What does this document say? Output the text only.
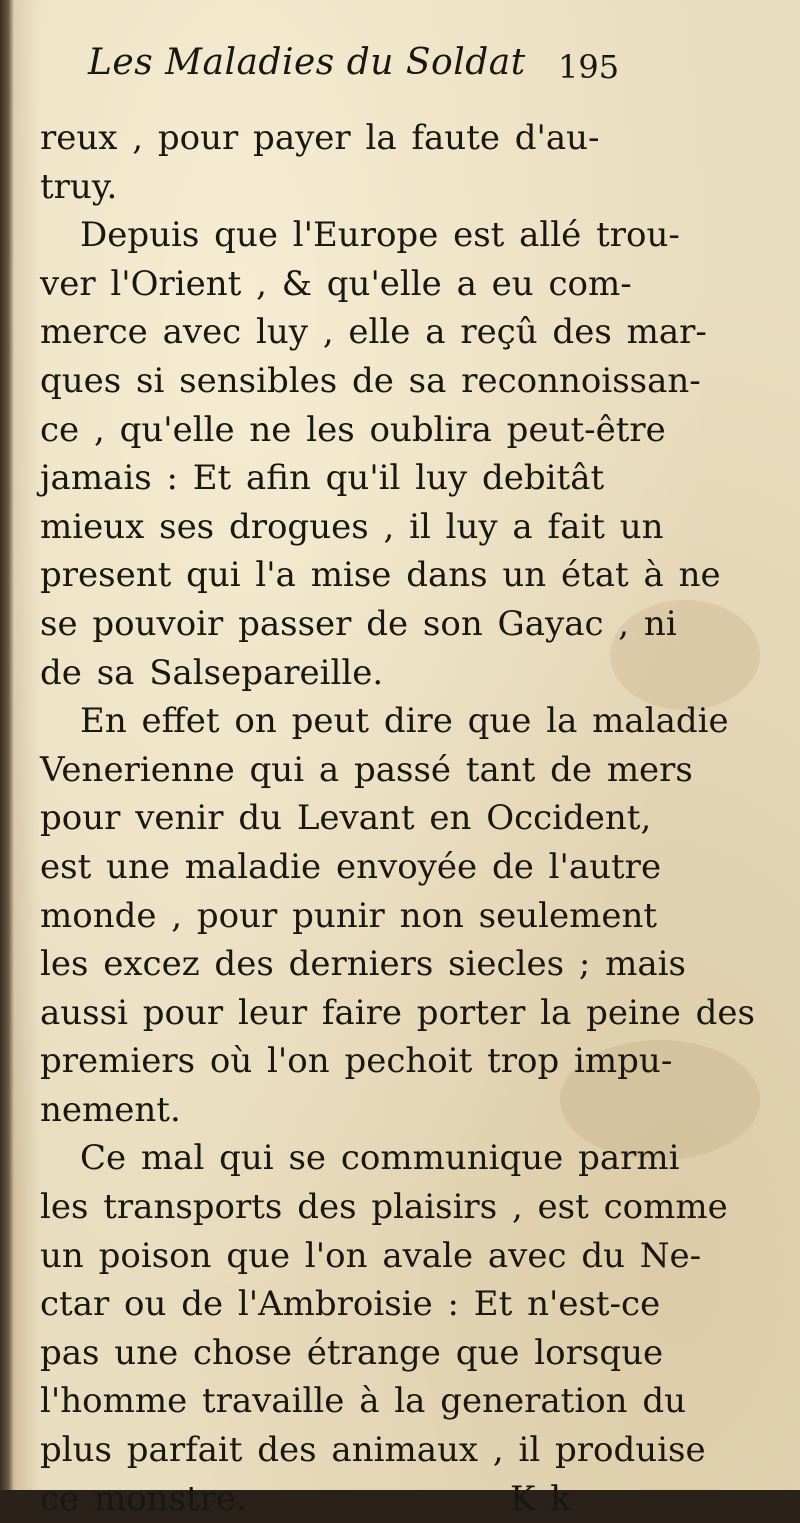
Les Maladies du Soldat 195
reux , pour payer la faute d'au-
truy.
Depuis que l'Europe est allé trou-
ver l'Orient , & qu'elle a eu com-
merce avec luy , elle a reçû des mar-
ques si sensibles de sa reconnoissan-
ce , qu'elle ne les oublira peut-être
jamais : Et afin qu'il luy debitât
mieux ses drogues , il luy a fait un
present qui l'a mise dans un état à ne
se pouvoir passer de son Gayac , ni
de sa Salsepareille.
En effet on peut dire que la maladie
Venerienne qui a passé tant de mers
pour venir du Levant en Occident,
est une maladie envoyée de l'autre
monde , pour punir non seulement
les excez des derniers siecles ; mais
aussi pour leur faire porter la peine des
premiers où l'on pechoit trop impu-
nement.
Ce mal qui se communique parmi
les transports des plaisirs , est comme
un poison que l'on avale avec du Ne-
ctar ou de l'Ambroisie : Et n'est-ce
pas une chose étrange que lorsque
l'homme travaille à la generation du
plus parfait des animaux , il produise
ce monstre.	K k
